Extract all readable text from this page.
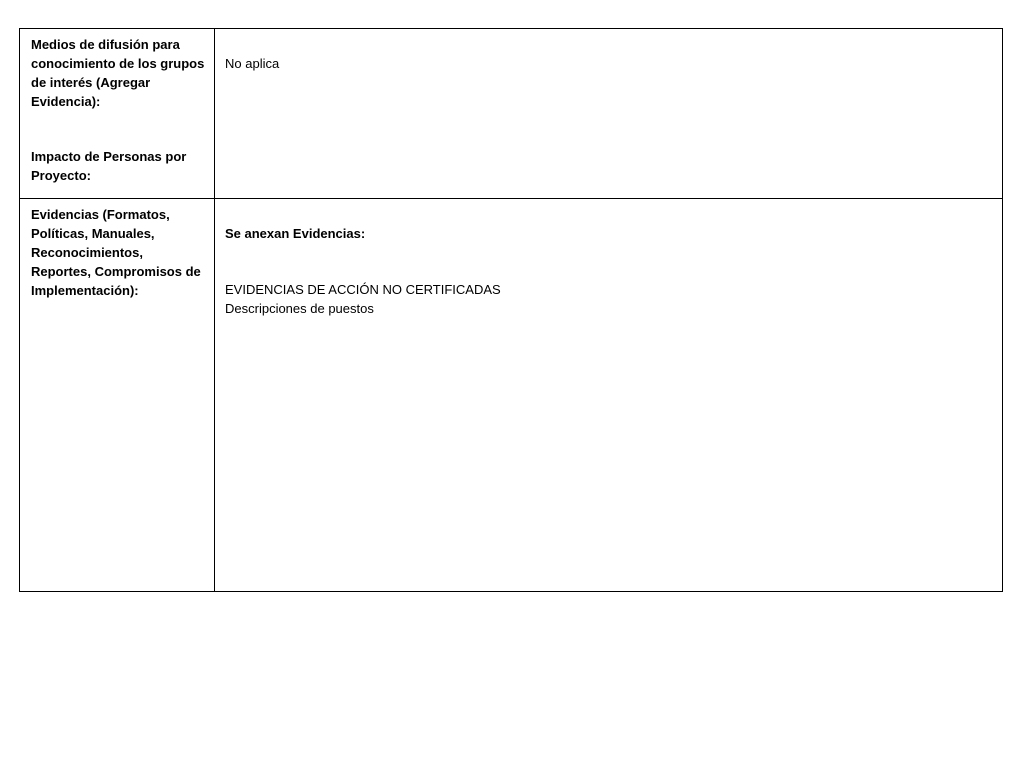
Medios de difusión para conocimiento de los grupos de interés (Agregar Evidencia):

Impacto de Personas por Proyecto:

No aplica

Evidencias (Formatos, Políticas, Manuales, Reconocimientos, Reportes, Compromisos de Implementación):

Se anexan Evidencias:

EVIDENCIAS DE ACCIÓN NO CERTIFICADAS

Descripciones de puestos
